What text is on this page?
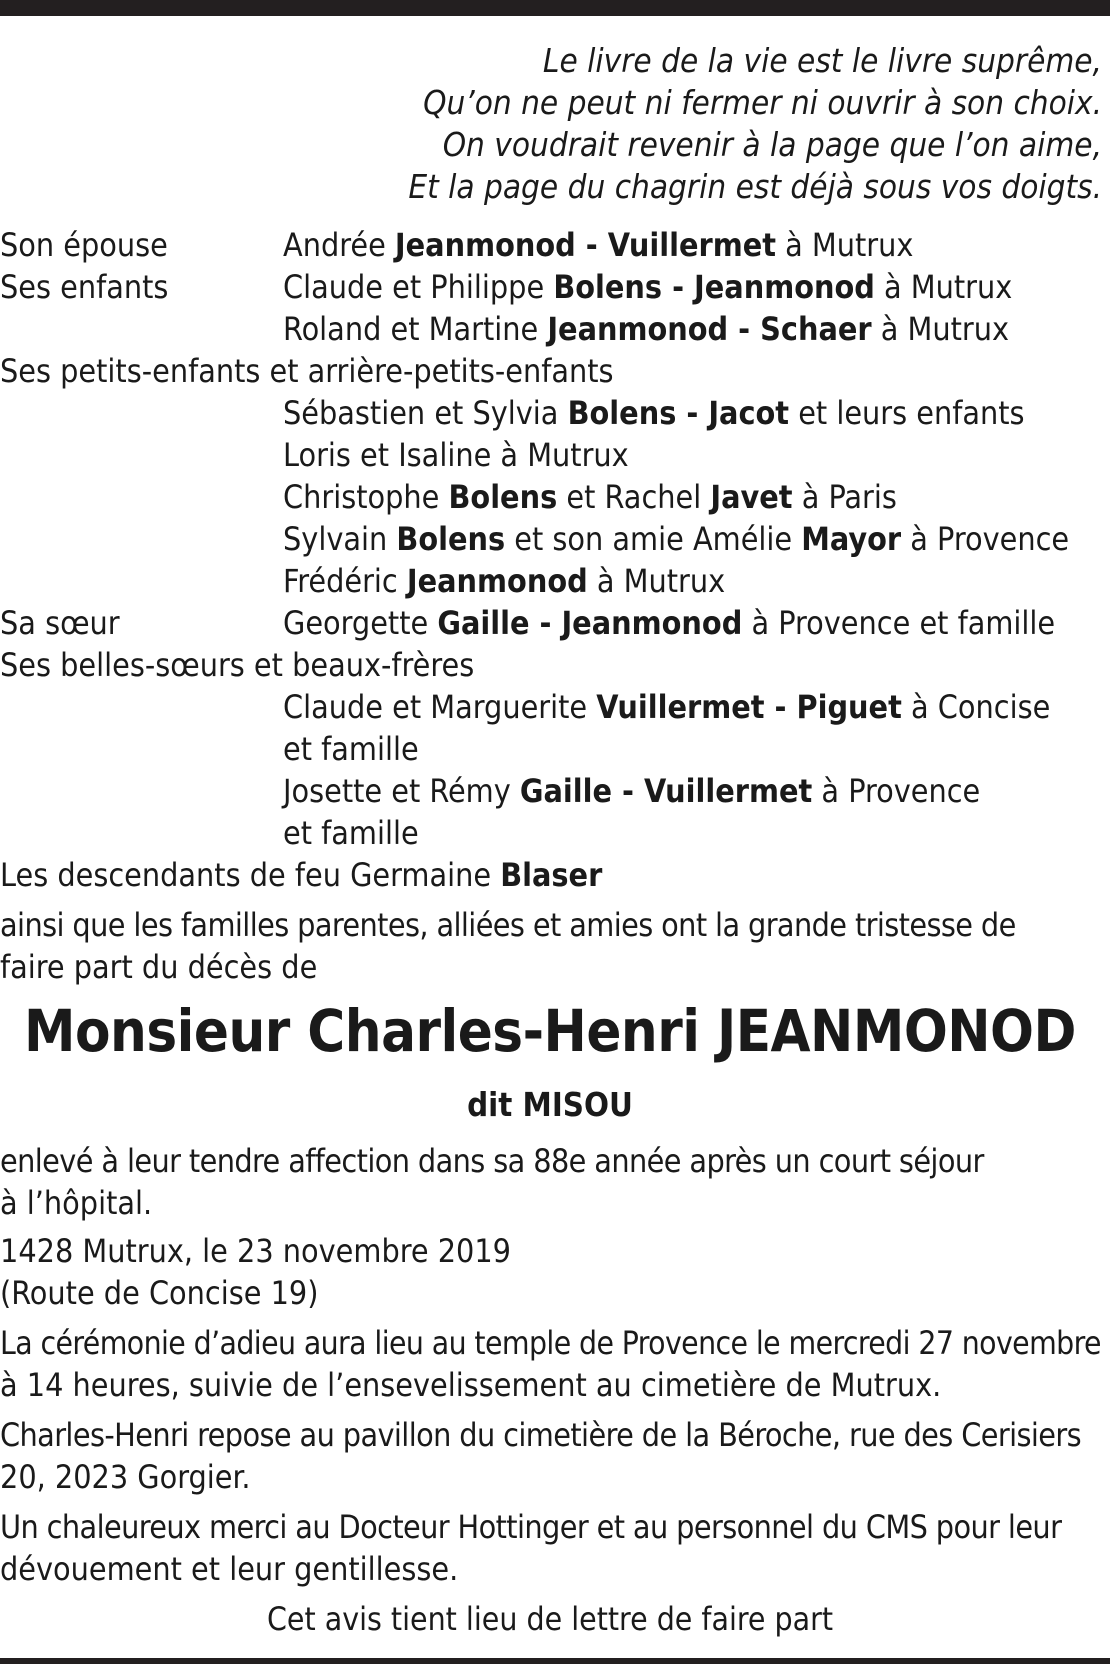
Le livre de la vie est le livre suprême,
Qu’on ne peut ni fermer ni ouvrir à son choix.
On voudrait revenir à la page que l’on aime,
Et la page du chagrin est déjà sous vos doigts.
Son épouse	Andrée Jeanmonod - Vuillermet à Mutrux
Ses enfants	Claude et Philippe Bolens - Jeanmonod à Mutrux
Roland et Martine Jeanmonod - Schaer à Mutrux
Ses petits-enfants et arrière-petits-enfants
Sébastien et Sylvia Bolens - Jacot et leurs enfants
Loris et Isaline à Mutrux
Christophe Bolens et Rachel Javet à Paris
Sylvain Bolens et son amie Amélie Mayor à Provence
Frédéric Jeanmonod à Mutrux
Sa sœur	Georgette Gaille - Jeanmonod à Provence et famille
Ses belles-sœurs et beaux-frères
Claude et Marguerite Vuillermet - Piguet à Concise
et famille
Josette et Rémy Gaille - Vuillermet à Provence
et famille
Les descendants de feu Germaine Blaser
ainsi que les familles parentes, alliées et amies ont la grande tristesse de
faire part du décès de
Monsieur Charles-Henri JEANMONOD
dit MISOU
enlevé à leur tendre affection dans sa 88e année après un court séjour
à l’hôpital.
1428 Mutrux, le 23 novembre 2019
(Route de Concise 19)
La cérémonie d’adieu aura lieu au temple de Provence le mercredi 27 novembre
à 14 heures, suivie de l’ensevelissement au cimetière de Mutrux.
Charles-Henri repose au pavillon du cimetière de la Béroche, rue des Cerisiers
20, 2023 Gorgier.
Un chaleureux merci au Docteur Hottinger et au personnel du CMS pour leur
dévouement et leur gentillesse.
Cet avis tient lieu de lettre de faire part
